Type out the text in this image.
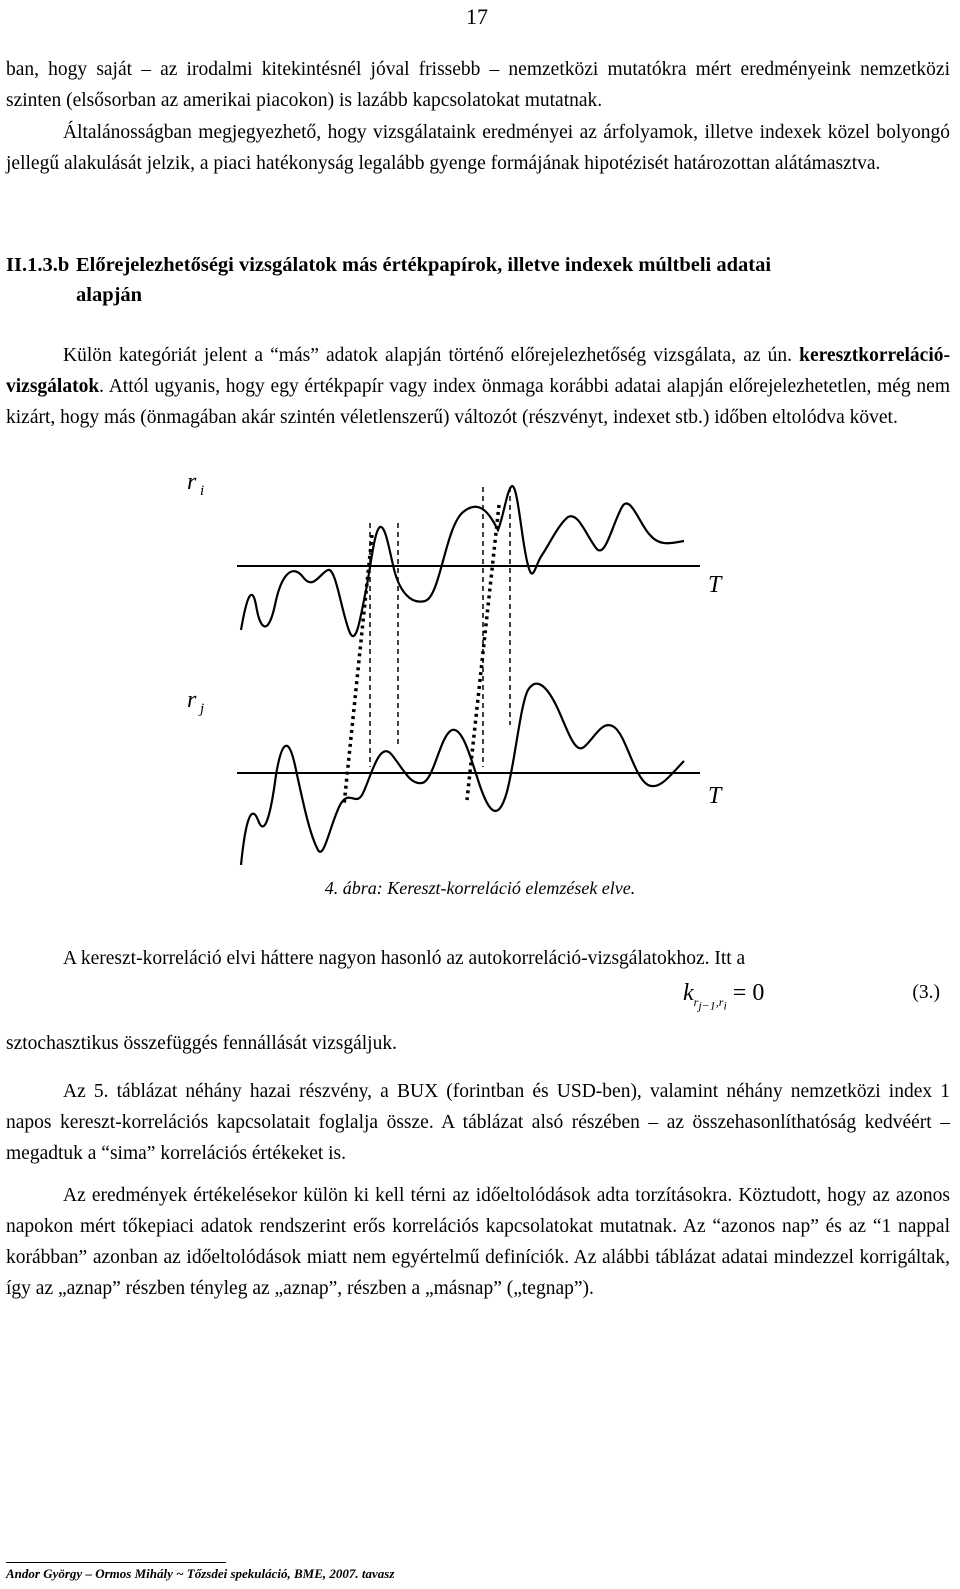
17

ban, hogy saját – az irodalmi kitekintésnél jóval frissebb – nemzetközi mutatókra mért eredményeink nemzetközi szinten (elsősorban az amerikai piacokon) is lazább kapcsolatokat mutatnak.

Általánosságban megjegyezhető, hogy vizsgálataink eredményei az árfolyamok, illetve indexek közel bolyongó jellegű alakulását jelzik, a piaci hatékonyság legalább gyenge formájának hipotézisét határozottan alátámasztva.

II.1.3.b Előrejelezhetőségi vizsgálatok más értékpapírok, illetve indexek múltbeli adatai
alapján

Külön kategóriát jelent a “más” adatok alapján történő előrejelezhetőség vizsgálata, az ún. keresztkorreláció-vizsgálatok. Attól ugyanis, hogy egy értékpapír vagy index önmaga korábbi adatai alapján előrejelezhetetlen, még nem kizárt, hogy más (önmagában akár szintén véletlenszerű) változót (részvényt, indexet stb.) időben eltolódva követ.

r i
r j
T
T
4. ábra: Kereszt-korreláció elemzések elve.

A kereszt-korreláció elvi háttere nagyon hasonló az autokorreláció-vizsgálatokhoz. Itt a

$k_{r_{j-1},r_i} = 0$	(3.)

sztochasztikus összefüggés fennállását vizsgáljuk.

Az 5. táblázat néhány hazai részvény, a BUX (forintban és USD-ben), valamint néhány nemzetközi index 1 napos kereszt-korrelációs kapcsolatait foglalja össze. A táblázat alsó részében – az összehasonlíthatóság kedvéért – megadtuk a “sima” korrelációs értékeket is.

Az eredmények értékelésekor külön ki kell térni az időeltolódások adta torzításokra. Köztudott, hogy az azonos napokon mért tőkepiaci adatok rendszerint erős korrelációs kapcsolatokat mutatnak. Az “azonos nap” és az “1 nappal korábban” azonban az időeltolódások miatt nem egyértelmű definíciók. Az alábbi táblázat adatai mindezzel korrigáltak, így az „aznap” részben tényleg az „aznap”, részben a „másnap” („tegnap”).

Andor György – Ormos Mihály ~ Tőzsdei spekuláció, BME, 2007. tavasz
